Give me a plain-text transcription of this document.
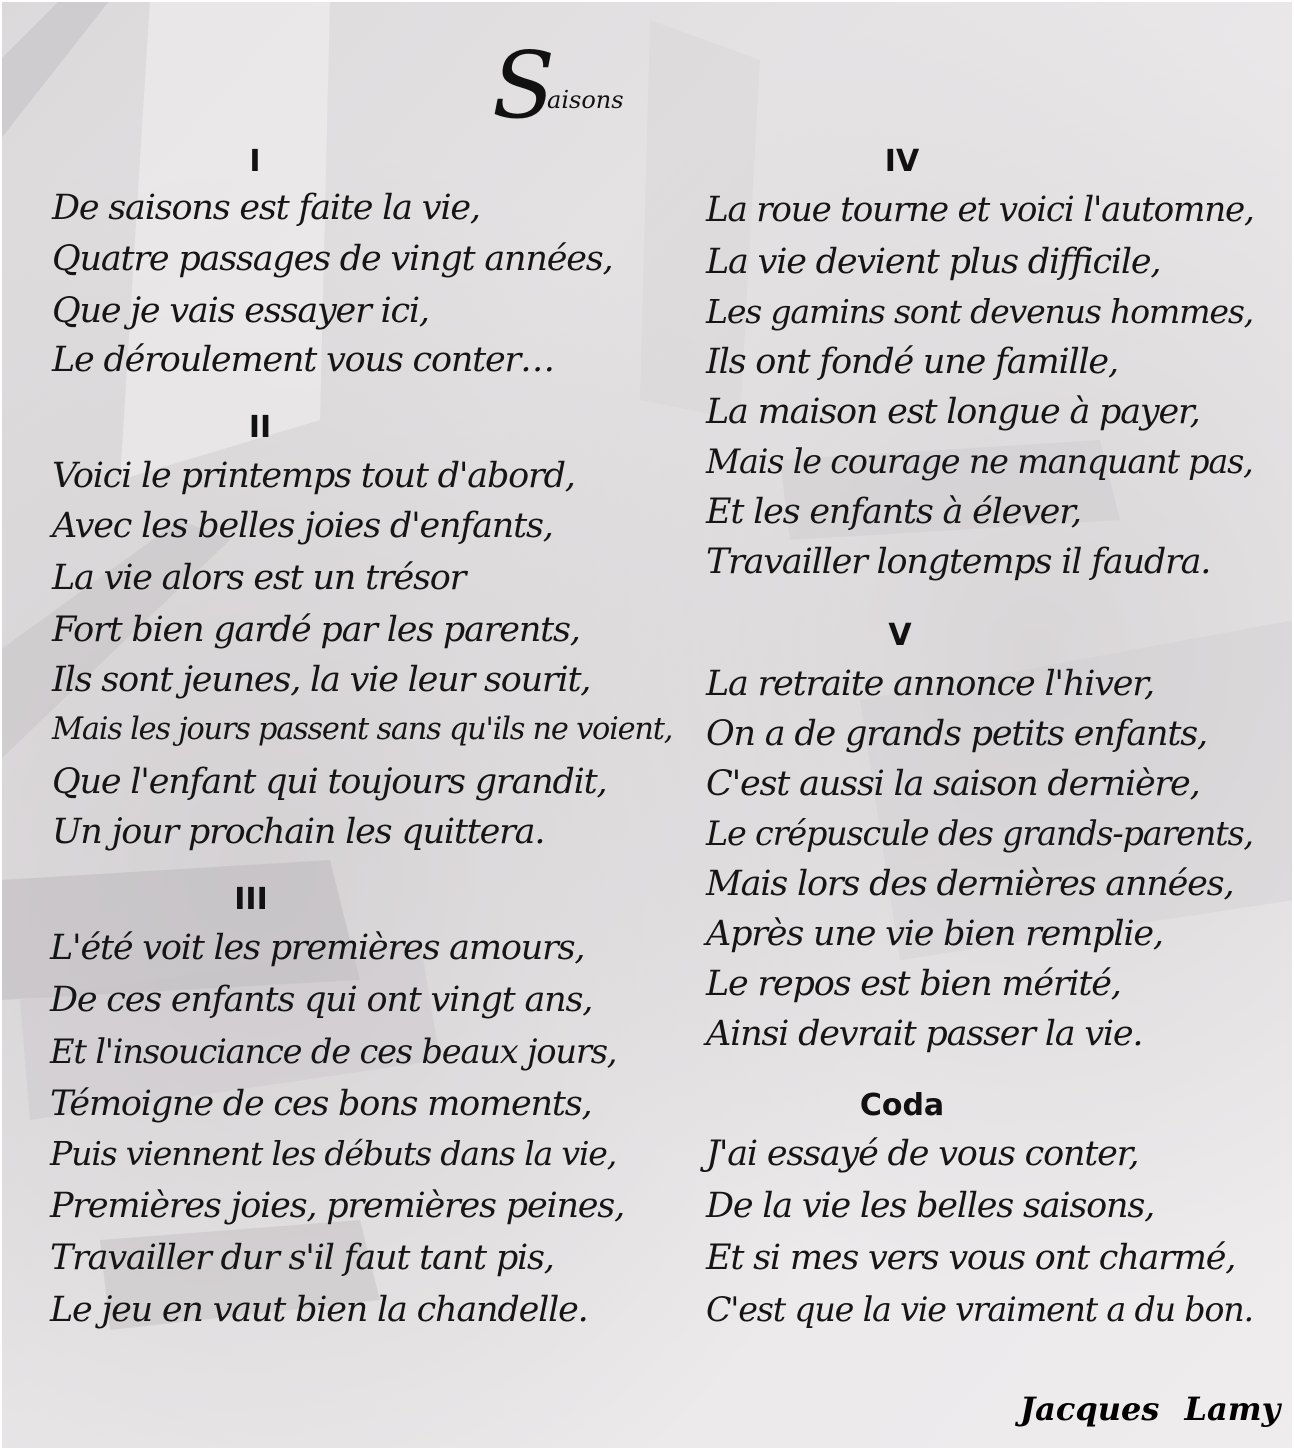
Saisons
I
De saisons est faite la vie,
Quatre passages de vingt années,
Que je vais essayer ici,
Le déroulement vous conter…
II
Voici le printemps tout d'abord,
Avec les belles joies d'enfants,
La vie alors est un trésor
Fort bien gardé par les parents,
Ils sont jeunes, la vie leur sourit,
Mais les jours passent sans qu'ils ne voient,
Que l'enfant qui toujours grandit,
Un jour prochain les quittera.
III
L'été voit les premières amours,
De ces enfants qui ont vingt ans,
Et l'insouciance de ces beaux jours,
Témoigne de ces bons moments,
Puis viennent les débuts dans la vie,
Premières joies, premières peines,
Travailler dur s'il faut tant pis,
Le jeu en vaut bien la chandelle.
IV
La roue tourne et voici l'automne,
La vie devient plus difficile,
Les gamins sont devenus hommes,
Ils ont fondé une famille,
La maison est longue à payer,
Mais le courage ne manquant pas,
Et les enfants à élever,
Travailler longtemps il faudra.
V
La retraite annonce l'hiver,
On a de grands petits enfants,
C'est aussi la saison dernière,
Le crépuscule des grands-parents,
Mais lors des dernières années,
Après une vie bien remplie,
Le repos est bien mérité,
Ainsi devrait passer la vie.
Coda
J'ai essayé de vous conter,
De la vie les belles saisons,
Et si mes vers vous ont charmé,
C'est que la vie vraiment a du bon.
Jacques Lamy
